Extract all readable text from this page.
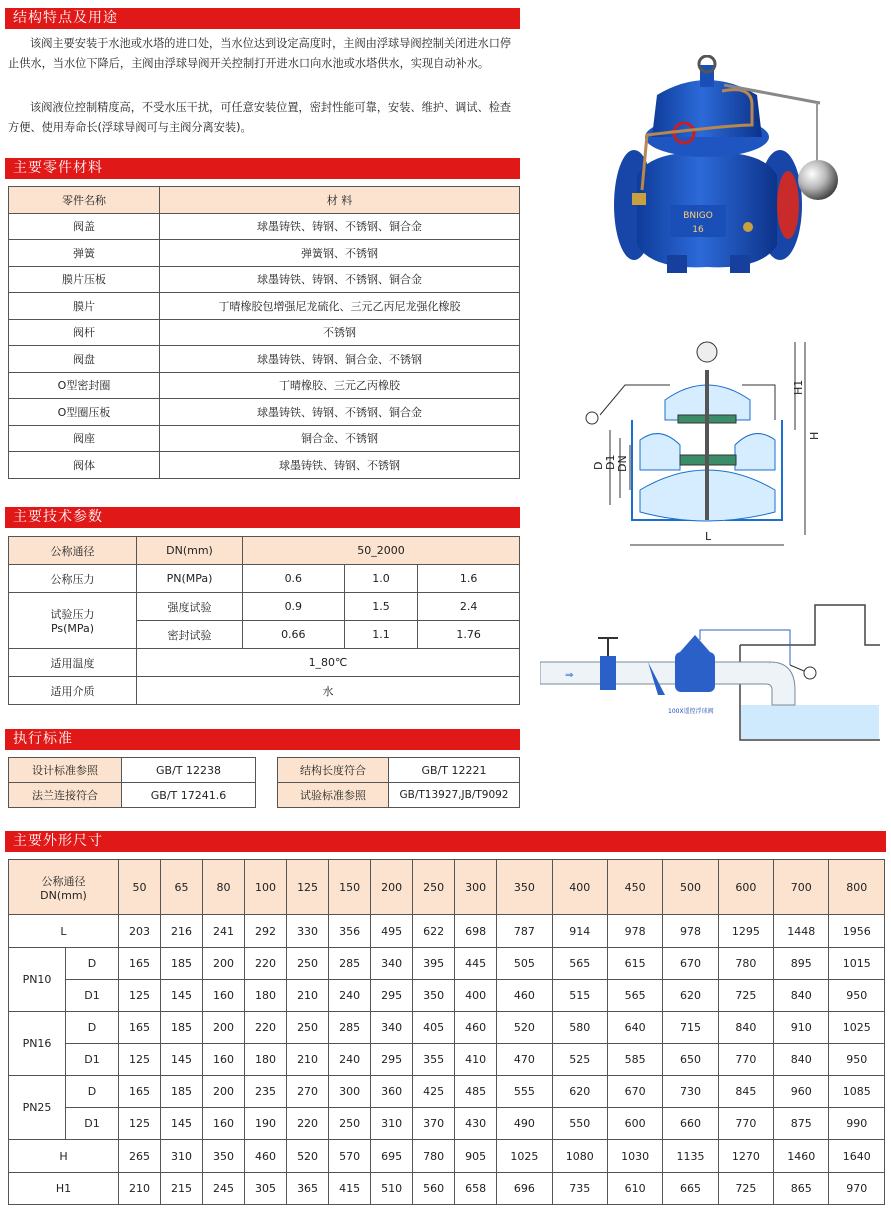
结构特点及用途

该阀主要安装于水池或水塔的进口处，当水位达到设定高度时，主阀由浮球导阀控制关闭进水口停止供水，当水位下降后，主阀由浮球导阀开关控制打开进水口向水池或水塔供水，实现自动补水。

该阀液位控制精度高，不受水压干扰，可任意安装位置，密封性能可靠，安装、维护、调试、检查方便、使用寿命长(浮球导阀可与主阀分离安装)。

主要零件材料
零件名称	材 料
阀盖	球墨铸铁、铸钢、不锈钢、铜合金
弹簧	弹簧钢、不锈钢
膜片压板	球墨铸铁、铸钢、不锈钢、铜合金
膜片	丁晴橡胶包增强尼龙硫化、三元乙丙尼龙强化橡胶
阀杆	不锈钢
阀盘	球墨铸铁、铸钢、铜合金、不锈钢
O型密封圈	丁晴橡胶、三元乙丙橡胶
O型圈压板	球墨铸铁、铸钢、不锈钢、铜合金
阀座	铜合金、不锈钢
阀体	球墨铸铁、铸钢、不锈钢
主要技术参数
公称通径	DN(mm)	50_2000		
公称压力	PN(MPa)	0.6	1.0	1.6

试验压力
Ps(MPa)	强度试验	0.9	1.5	2.4
	密封试验	0.66	1.1	1.76
适用温度	1_80℃			
适用介质	水			
执行标准
设计标准参照	GB/T 12238
法兰连接符合	GB/T 17241.6
结构长度符合	GB/T 12221
试验标准参照	GB/T13927,JB/T9092
主要外形尺寸
公称通径
DN(mm)		50	65	80	100	125	150	200	250	300	350	400	450	500	600	700	800
L		203	216	241	292	330	356	495	622	698	787	914	978	978	1295	1448	1956
PN10	D	165	185	200	220	250	285	340	395	445	505	565	615	670	780	895	1015
	D1	125	145	160	180	210	240	295	350	400	460	515	565	620	725	840	950
PN16	D	165	185	200	220	250	285	340	405	460	520	580	640	715	840	910	1025
	D1	125	145	160	180	210	240	295	355	410	470	525	585	650	770	840	950
PN25	D	165	185	200	235	270	300	360	425	485	555	620	670	730	845	960	1085
	D1	125	145	160	190	220	250	310	370	430	490	550	600	660	770	875	990
H		265	310	350	460	520	570	695	780	905	1025	1080	1030	1135	1270	1460	1640
H1		210	215	245	305	365	415	510	560	658	696	735	610	665	725	865	970
BNIGO
16
D D1 DN
H1
H
L
⇒
100X遥控浮球阀
